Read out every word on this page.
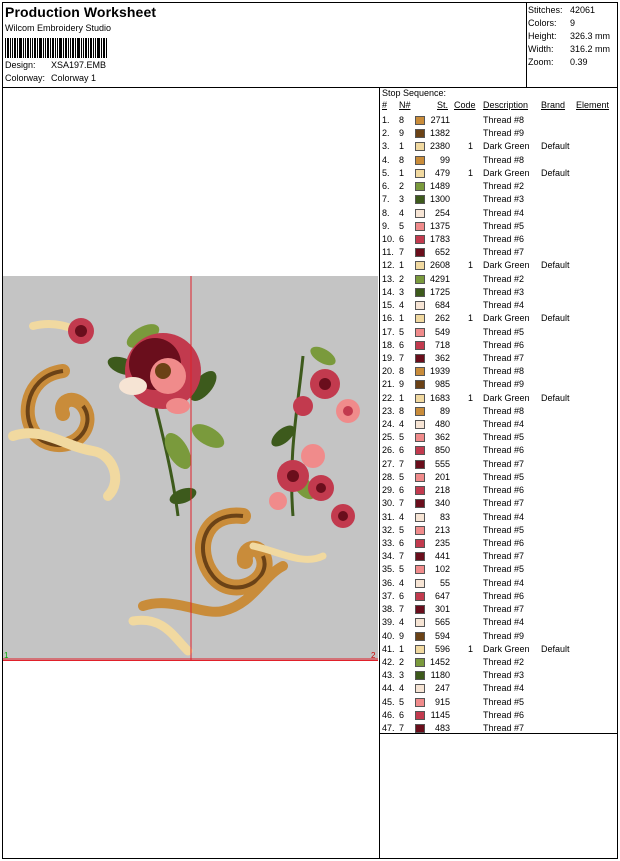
Production Worksheet
Wilcom Embroidery Studio
Design: XSA197.EMB
Colorway: Colorway 1
Stitches: 42061
Colors: 9
Height: 326.3 mm
Width: 316.2 mm
Zoom: 0.39
1	2
Stop Sequence:
# N#	St. Code Description Brand Element
1. 8	2711	Thread #8
2. 9	1382	Thread #9
3. 1	2380	1 Dark Green Default
4. 8	99	Thread #8
5. 1	479	1 Dark Green Default
6. 2	1489	Thread #2
7. 3	1300	Thread #3
8. 4	254	Thread #4
9. 5	1375	Thread #5
10. 6	1783	Thread #6
11. 7	652	Thread #7
12. 1	2608	1 Dark Green Default
13. 2	4291	Thread #2
14. 3	1725	Thread #3
15. 4	684	Thread #4
16. 1	262	1 Dark Green Default
17. 5	549	Thread #5
18. 6	718	Thread #6
19. 7	362	Thread #7
20. 8	1939	Thread #8
21. 9	985	Thread #9
22. 1	1683	1 Dark Green Default
23. 8	89	Thread #8
24. 4	480	Thread #4
25. 5	362	Thread #5
26. 6	850	Thread #6
27. 7	555	Thread #7
28. 5	201	Thread #5
29. 6	218	Thread #6
30. 7	340	Thread #7
31. 4	83	Thread #4
32. 5	213	Thread #5
33. 6	235	Thread #6
34. 7	441	Thread #7
35. 5	102	Thread #5
36. 4	55	Thread #4
37. 6	647	Thread #6
38. 7	301	Thread #7
39. 4	565	Thread #4
40. 9	594	Thread #9
41. 1	596	1 Dark Green Default
42. 2	1452	Thread #2
43. 3	1180	Thread #3
44. 4	247	Thread #4
45. 5	915	Thread #5
46. 6	1145	Thread #6
47. 7	483	Thread #7
